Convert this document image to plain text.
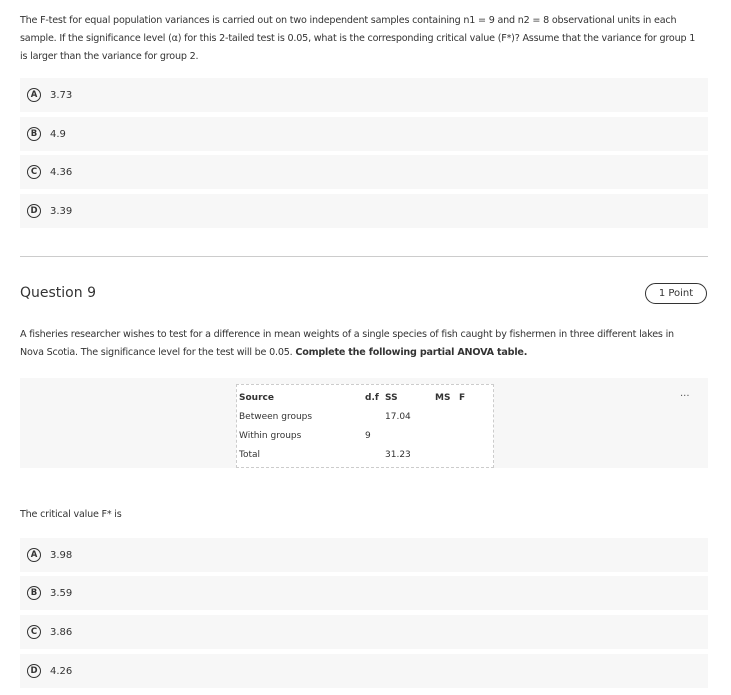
The F-test for equal population variances is carried out on two independent samples containing n1 = 9 and n2 = 8 observational units in each sample. If the significance level (α) for this 2-tailed test is 0.05, what is the corresponding critical value (F*)? Assume that the variance for group 1 is larger than the variance for group 2.
A	3.73
B	4.9
C	4.36
D	3.39
Question 9	1 Point
A fisheries researcher wishes to test for a difference in mean weights of a single species of fish caught by fishermen in three different lakes in Nova Scotia. The significance level for the test will be 0.05. Complete the following partial ANOVA table.
Source	d.f	SS	MS	F
Between groups		17.04		
Within groups	9			
Total		31.23		
...
The critical value F* is
A	3.98
B	3.59
C	3.86
D	4.26
